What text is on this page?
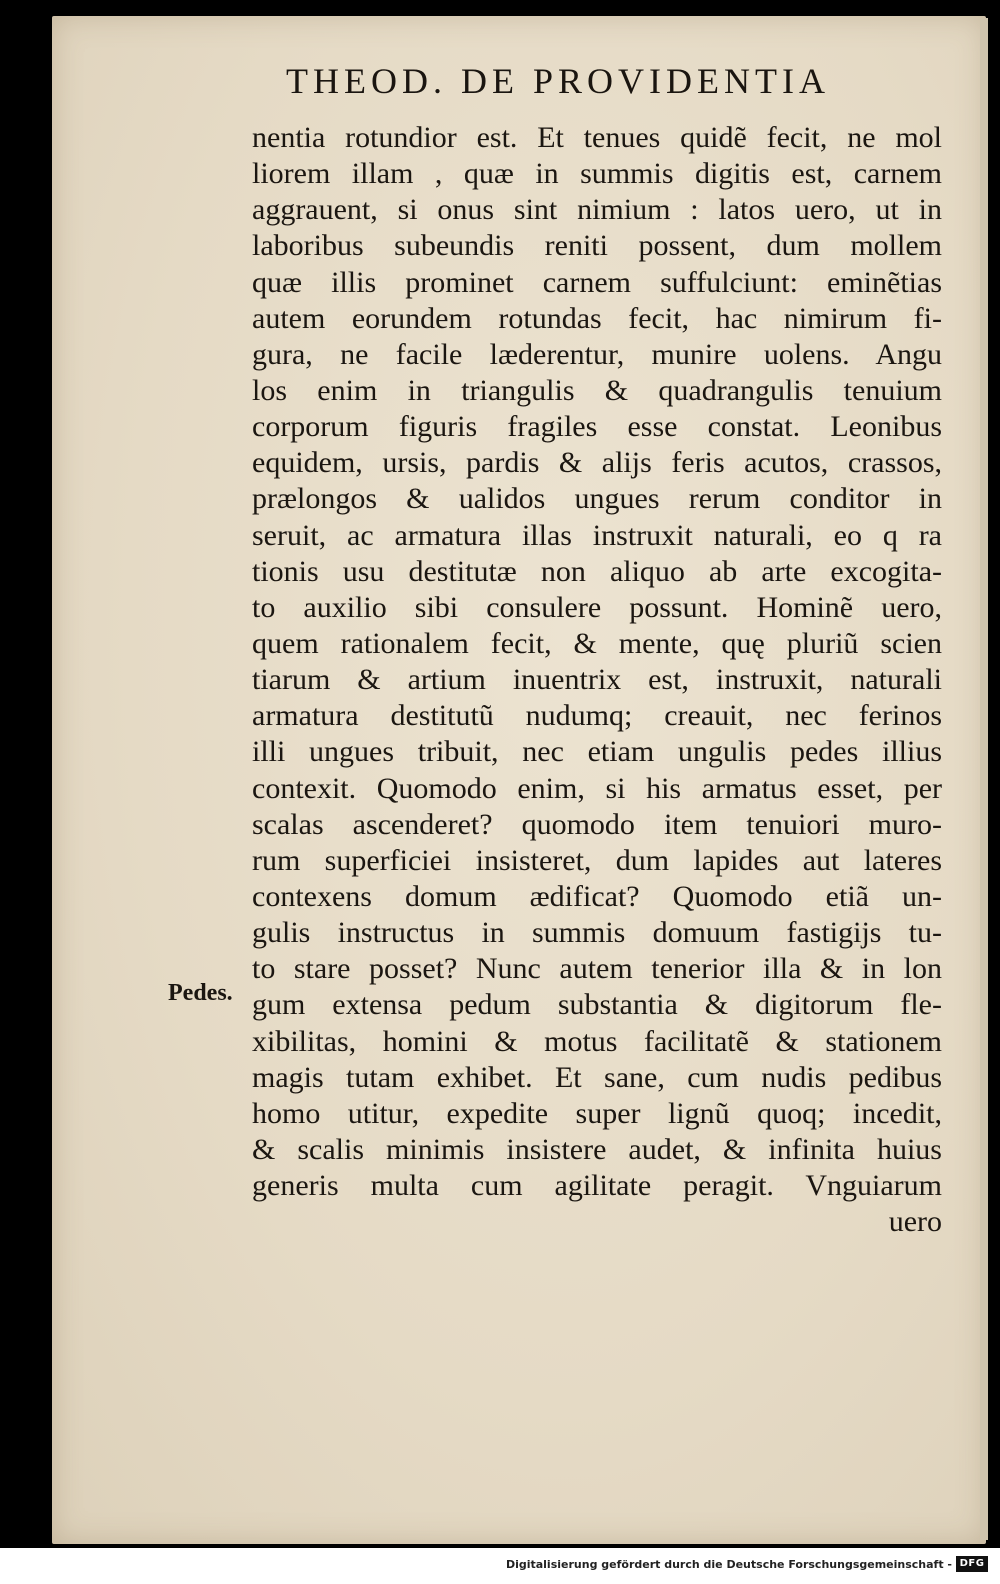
THEOD. DE PROVIDENTIA
nentia rotundior est. Et tenues quidẽ fecit, ne mol
liorem illam , quæ in summis digitis est, carnem
aggrauent, si onus sint nimium : latos uero, ut in
laboribus subeundis reniti possent, dum mollem
quæ illis prominet carnem suffulciunt: eminẽtias
autem eorundem rotundas fecit, hac nimirum fi-
gura, ne facile læderentur, munire uolens. Angu
los enim in triangulis & quadrangulis tenuium
corporum figuris fragiles esse constat. Leonibus
equidem, ursis, pardis & alijs feris acutos, crassos,
prælongos & ualidos ungues rerum conditor in
seruit, ac armatura illas instruxit naturali, eo q ra
tionis usu destitutæ non aliquo ab arte excogita-
to auxilio sibi consulere possunt. Hominẽ uero,
quem rationalem fecit, & mente, quę pluriũ scien
tiarum & artium inuentrix est, instruxit, naturali
armatura destitutũ nudumq; creauit, nec ferinos
illi ungues tribuit, nec etiam ungulis pedes illius
contexit. Quomodo enim, si his armatus esset, per
scalas ascenderet? quomodo item tenuiori muro-
rum superficiei insisteret, dum lapides aut lateres
contexens domum ædificat? Quomodo etiã un-
gulis instructus in summis domuum fastigijs tu-
to stare posset? Nunc autem tenerior illa & in lon
gum extensa pedum substantia & digitorum fle-
xibilitas, homini & motus facilitatẽ & stationem
magis tutam exhibet. Et sane, cum nudis pedibus
homo utitur, expedite super lignũ quoq; incedit,
& scalis minimis insistere audet, & infinita huius
generis multa cum agilitate peragit. Vnguiarum
uero
Pedes.
Digitalisierung gefördert durch die Deutsche Forschungsgemeinschaft - DFG
